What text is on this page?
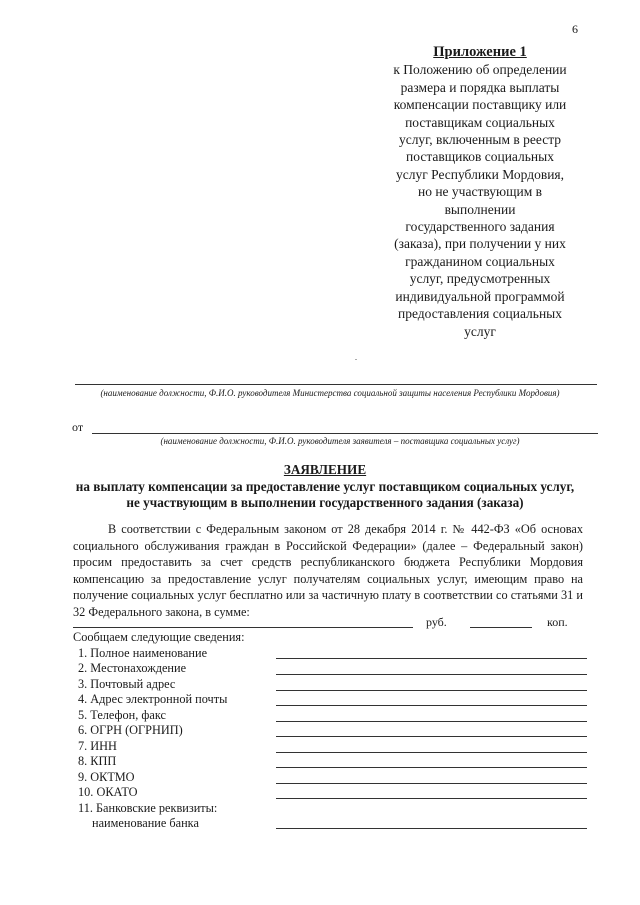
6
Приложение 1
к Положению об определении
размера и порядка выплаты
компенсации поставщику или
поставщикам социальных
услуг, включенным в реестр
поставщиков социальных
услуг Республики Мордовия,
но не участвующим в
выполнении
государственного задания
(заказа), при получении у них
гражданином социальных
услуг, предусмотренных
индивидуальной программой
предоставления социальных
услуг
.
(наименование должности, Ф.И.О. руководителя Министерства социальной защиты населения Республики Мордовия)
от
(наименование должности, Ф.И.О. руководителя заявителя – поставщика социальных услуг)
ЗАЯВЛЕНИЕ
на выплату компенсации за предоставление услуг поставщиком социальных услуг,
не участвующим в выполнении государственного задания (заказа)
В соответствии с Федеральным законом от 28 декабря 2014 г. № 442-ФЗ «Об основах социального обслуживания граждан в Российской Федерации» (далее – Федеральный закон) просим предоставить за счет средств республиканского бюджета Республики Мордовия компенсацию за предоставление услуг получателям социальных услуг, имеющим право на получение социальных услуг бесплатно или за частичную плату в соответствии со статьями 31 и 32 Федерального закона, в сумме:
руб.	коп.
Сообщаем следующие сведения:
1. Полное наименование
2. Местонахождение
3. Почтовый адрес
4. Адрес электронной почты
5. Телефон, факс
6. ОГРН (ОГРНИП)
7. ИНН
8. КПП
9. ОКТМО
10. ОКАТО
11. Банковские реквизиты:
наименование банка
